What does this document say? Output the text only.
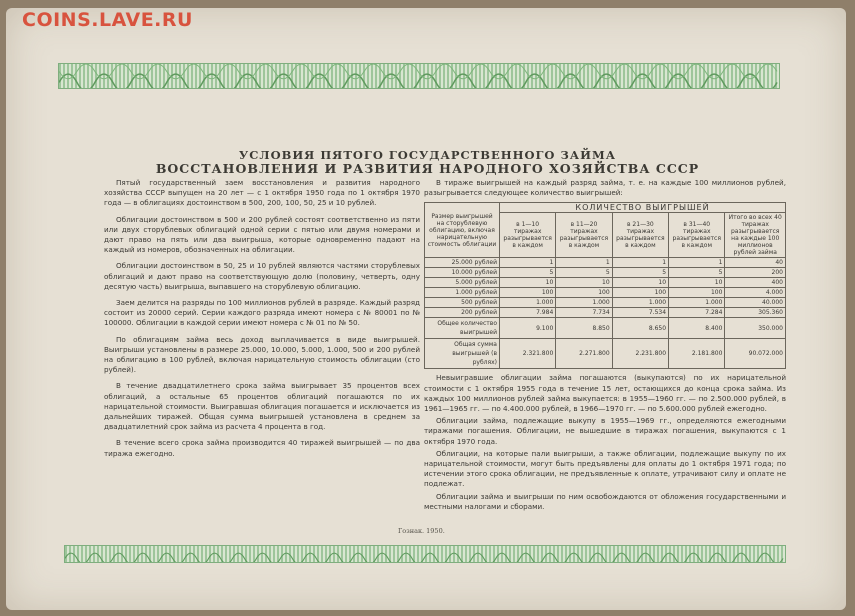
COINS.LAVE.RU
УСЛОВИЯ ПЯТОГО ГОСУДАРСТВЕННОГО ЗАЙМА
ВОССТАНОВЛЕНИЯ И РАЗВИТИЯ НАРОДНОГО ХОЗЯЙСТВА СССР

Пятый государственный заем восстановления и развития народного хозяйства СССР выпущен на 20 лет — с 1 октября 1950 года по 1 октября 1970 года — в облигациях достоинством в 500, 200, 100, 50, 25 и 10 рублей.

Облигации достоинством в 500 и 200 рублей состоят соответственно из пяти или двух сторублевых облигаций одной серии с пятью или двумя номерами и дают право на пять или два выигрыша, которые одновременно падают на каждый из номеров, обозначенных на облигации.

Облигации достоинством в 50, 25 и 10 рублей являются частями сторублевых облигаций и дают право на соответствующую долю (половину, четверть, одну десятую часть) выигрыша, выпавшего на сторублевую облигацию.

Заем делится на разряды по 100 миллионов рублей в разряде. Каждый разряд состоит из 20000 серий. Серии каждого разряда имеют номера с № 80001 по № 100000. Облигации в каждой серии имеют номера с № 01 по № 50.

По облигациям займа весь доход выплачивается в виде выигрышей. Выигрыши установлены в размере 25.000, 10.000, 5.000, 1.000, 500 и 200 рублей на облигацию в 100 рублей, включая нарицательную стоимость облигации (сто рублей).

В течение двадцатилетнего срока займа выигрывает 35 процентов всех облигаций, а остальные 65 процентов облигаций погашаются по их нарицательной стоимости. Выигравшая облигация погашается и исключается из дальнейших тиражей. Общая сумма выигрышей установлена в среднем за двадцатилетний срок займа из расчета 4 процента в год.

В течение всего срока займа производится 40 тиражей выигрышей — по два тиража ежегодно.

В тираже выигрышей на каждый разряд займа, т. е. на каждые 100 миллионов рублей, разыгрывается следующее количество выигрышей:

Размер выигрышей на сторублевую облигацию, включая нарицательную стоимость облигации	КОЛИЧЕСТВО ВЫИГРЫШЕЙ				
	в 1—10 тиражах разыгрывается в каждом	в 11—20 тиражах разыгрывается в каждом	в 21—30 тиражах разыгрывается в каждом	в 31—40 тиражах разыгрывается в каждом	Итого во всех 40 тиражах разыгрывается на каждые 100 миллионов рублей займа
25.000 рублей	1	1	1	1	40
10.000 рублей	5	5	5	5	200
5.000 рублей	10	10	10	10	400
1.000 рублей	100	100	100	100	4.000
500 рублей	1.000	1.000	1.000	1.000	40.000
200 рублей	7.984	7.734	7.534	7.284	305.360
Общее количество выигрышей	9.100	8.850	8.650	8.400	350.000
Общая сумма выигрышей (в рублях)	2.321.800	2.271.800	2.231.800	2.181.800	90.072.000

Невыигравшие облигации займа погашаются (выкупаются) по их нарицательной стоимости с 1 октября 1955 года в течение 15 лет, остающихся до конца срока займа. Из каждых 100 миллионов рублей займа выкупается: в 1955—1960 гг. — по 2.500.000 рублей, в 1961—1965 гг. — по 4.400.000 рублей, в 1966—1970 гг. — по 5.600.000 рублей ежегодно.

Облигации займа, подлежащие выкупу в 1955—1969 гг., определяются ежегодными тиражами погашения. Облигации, не вышедшие в тиражах погашения, выкупаются с 1 октября 1970 года.

Облигации, на которые пали выигрыши, а также облигации, подлежащие выкупу по их нарицательной стоимости, могут быть предъявлены для оплаты до 1 октября 1971 года; по истечении этого срока облигации, не предъявленные к оплате, утрачивают силу и оплате не подлежат.

Облигации займа и выигрыши по ним освобождаются от обложения государственными и местными налогами и сборами.

Гознак. 1950.
